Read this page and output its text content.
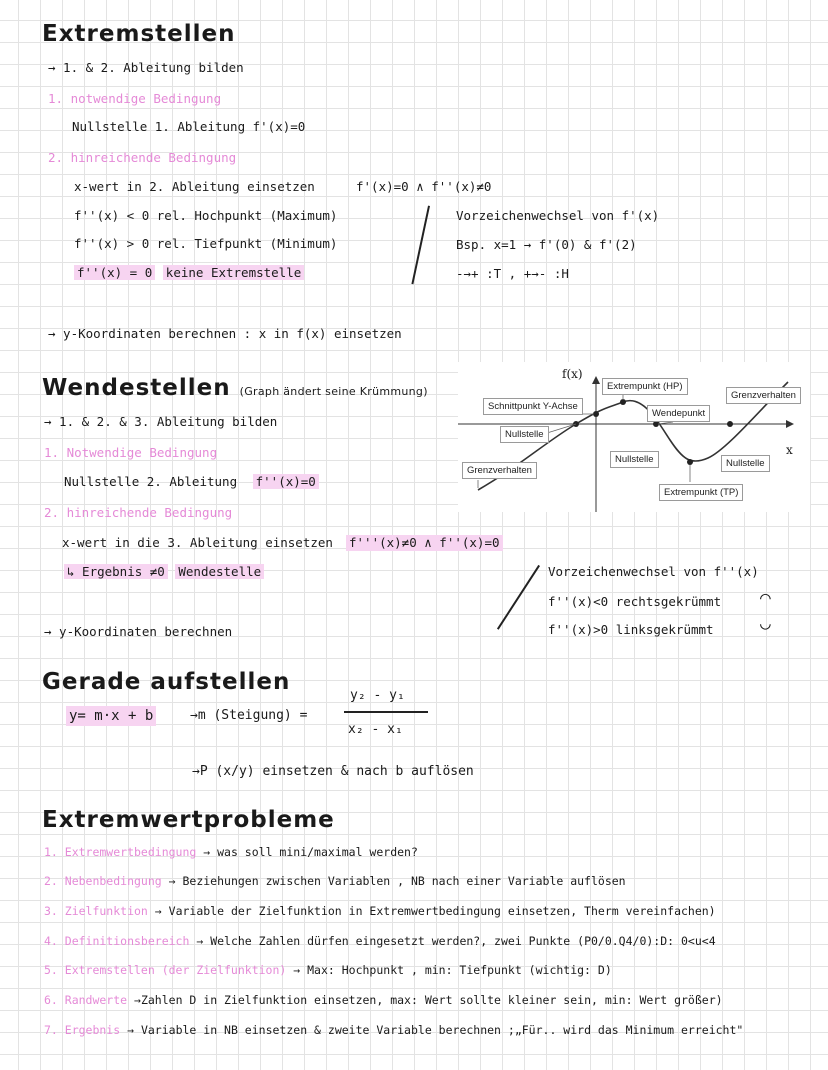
Extremstellen
→ 1. & 2. Ableitung bilden
1. notwendige Bedingung
Nullstelle 1. Ableitung f'(x)=0
2. hinreichende Bedingung
x-wert in 2. Ableitung einsetzen	f'(x)=0 ∧ f''(x)≠0
f''(x) < 0 rel. Hochpunkt (Maximum)
f''(x) > 0 rel. Tiefpunkt (Minimum)
f''(x) = 0 keine Extremstelle
Vorzeichenwechsel von f'(x)
Bsp. x=1 → f'(0) & f'(2)
-→+ :T , +→- :H
→ y-Koordinaten berechnen : x in f(x) einsetzen
Wendestellen (Graph ändert seine Krümmung)
→ 1. & 2. & 3. Ableitung bilden
1. Notwendige Bedingung
Nullstelle 2. Ableitung f''(x)=0
2. hinreichende Bedingung
x-wert in die 3. Ableitung einsetzen f'''(x)≠0 ∧ f''(x)=0
↳ Ergebnis ≠0 Wendestelle
→ y-Koordinaten berechnen
Vorzeichenwechsel von f''(x)
f''(x)<0 rechtsgekrümmt
f''(x)>0 linksgekrümmt
⌒
◡
f(x)
x
Extrempunkt (HP)
Grenzverhalten
Schnittpunkt Y-Achse
Wendepunkt
Nullstelle
Nullstelle	Nullstelle
Grenzverhalten
Extrempunkt (TP)
Gerade aufstellen
y= m·x + b	→m (Steigung) =
y₂ - y₁
x₂ - x₁
→P (x/y) einsetzen & nach b auflösen
Extremwertprobleme
1. Extremwertbedingung → was soll mini/maximal werden?
2. Nebenbedingung → Beziehungen zwischen Variablen , NB nach einer Variable auflösen
3. Zielfunktion → Variable der Zielfunktion in Extremwertbedingung einsetzen, Therm vereinfachen)
4. Definitionsbereich → Welche Zahlen dürfen eingesetzt werden?, zwei Punkte (P0/0.Q4/0):D: 0<u<4
5. Extremstellen (der Zielfunktion) → Max: Hochpunkt , min: Tiefpunkt (wichtig: D)
6. Randwerte →Zahlen D in Zielfunktion einsetzen, max: Wert sollte kleiner sein, min: Wert größer)
7. Ergebnis → Variable in NB einsetzen & zweite Variable berechnen ;„Für.. wird das Minimum erreicht"
